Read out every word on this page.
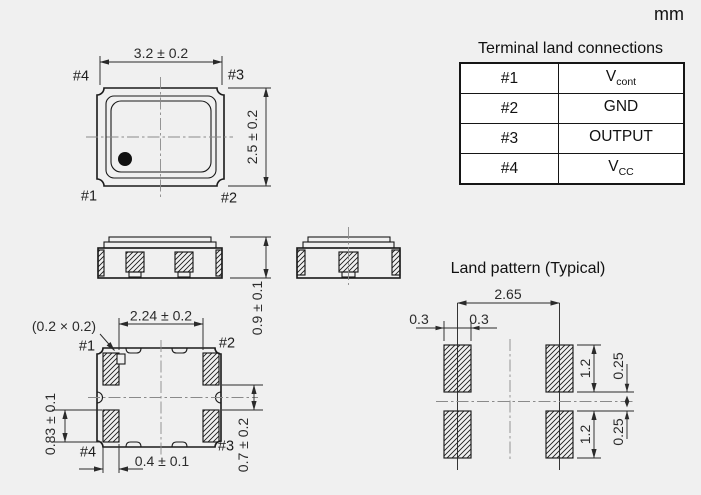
3.2 ± 0.2
2.5 ± 0.2
#4	#3
#1	#2
0.9 ± 0.1
2.24 ± 0.2
(0.2 × 0.2)
0.83 ± 0.1
0.4 ± 0.1	0.7 ± 0.2
#1	#2
#4	#3
2.65
0.3	0.3
1.2
1.2
0.25
0.25
mm
Terminal land connections
Land pattern (Typical)
#1	$V_{cont}$
#2	GND
#3	OUTPUT
#4	$V_{CC}$
